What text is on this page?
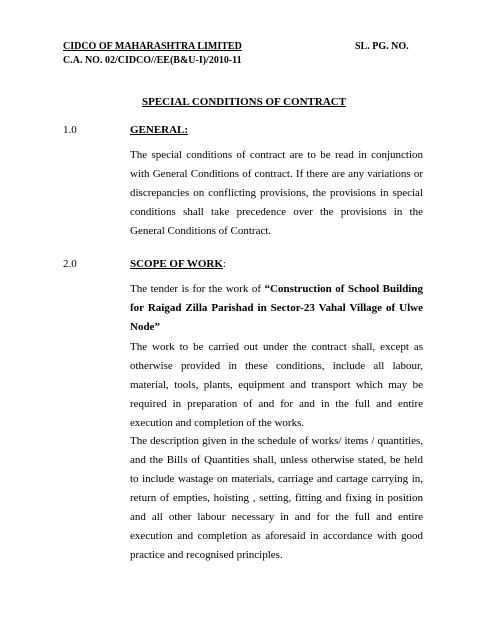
CIDCO OF MAHARASHTRA LIMITED	SL. PG. NO.
C.A. NO. 02/CIDCO//EE(B&U-I)/2010-11
SPECIAL CONDITIONS OF CONTRACT
1.0	GENERAL:

The special conditions of contract are to be read in conjunction with General Conditions of contract. If there are any variations or discrepancies on conflicting provisions, the provisions in special conditions shall take precedence over the provisions in the General Conditions of Contract.

2.0	SCOPE OF WORK:

The tender is for the work of “Construction of School Building for Raigad Zilla Parishad in Sector-23 Vahal Village of Ulwe Node”

The work to be carried out under the contract shall, except as otherwise provided in these conditions, include all labour, material, tools, plants, equipment and transport which may be required in preparation of and for and in the full and entire execution and completion of the works.

The description given in the schedule of works/ items / quantities, and the Bills of Quantities shall, unless otherwise stated, be held to include wastage on materials, carriage and cartage carrying in, return of empties, hoisting , setting, fitting and fixing in position and all other labour necessary in and for the full and entire execution and completion as aforesaid in accordance with good practice and recognised principles.
